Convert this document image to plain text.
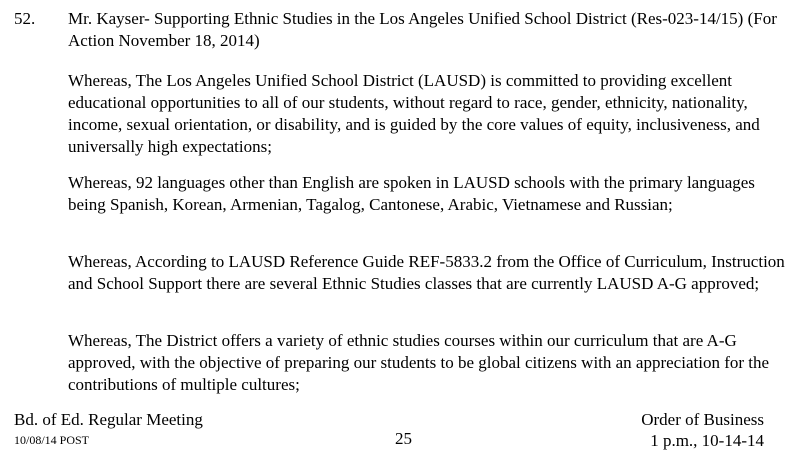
52. Mr. Kayser- Supporting Ethnic Studies in the Los Angeles Unified School District (Res-023-14/15) (For Action November 18, 2014)

Whereas, The Los Angeles Unified School District (LAUSD) is committed to providing excellent educational opportunities to all of our students, without regard to race, gender, ethnicity, nationality, income, sexual orientation, or disability, and is guided by the core values of equity, inclusiveness, and universally high expectations;

Whereas, 92 languages other than English are spoken in LAUSD schools with the primary languages being Spanish, Korean, Armenian, Tagalog, Cantonese, Arabic, Vietnamese and Russian;

Whereas, According to LAUSD Reference Guide REF-5833.2 from the Office of Curriculum, Instruction and School Support there are several Ethnic Studies classes that are currently LAUSD A-G approved;

Whereas, The District offers a variety of ethnic studies courses within our curriculum that are A-G approved, with the objective of preparing our students to be global citizens with an appreciation for the contributions of multiple cultures;

Bd. of Ed. Regular Meeting
10/08/14 POST	25
Order of Business
1 p.m., 10-14-14
